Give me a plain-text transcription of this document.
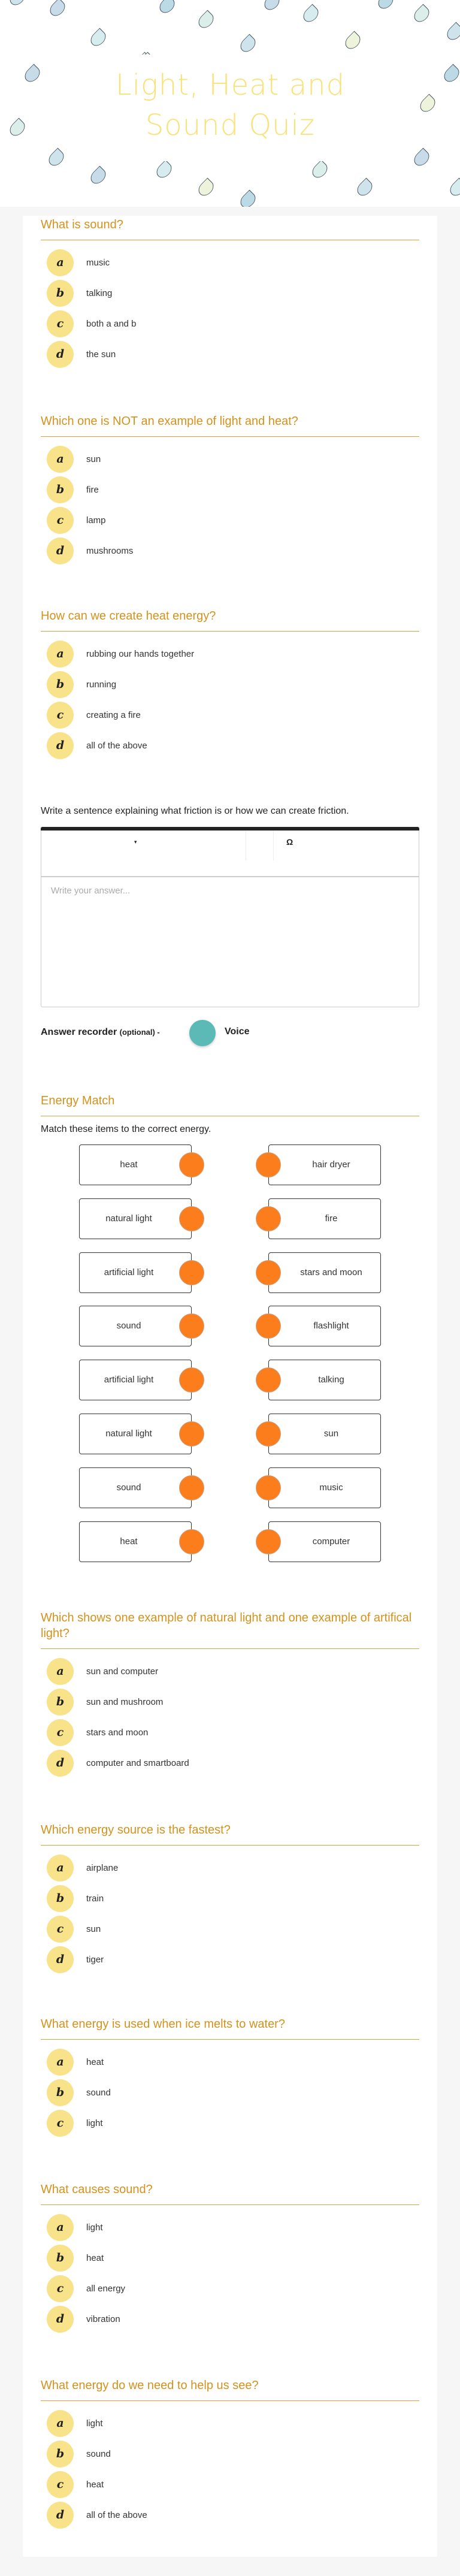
Light, Heat and
Sound Quiz
What is sound?
a	music
b	talking
c	both a and b
d	the sun
Which one is NOT an example of light and heat?
a	sun
b	fire
c	lamp
d	mushrooms
How can we create heat energy?
a	rubbing our hands together
b	running
c	creating a fire
d	all of the above
Which shows one example of natural light and one example of artifical light?
a	sun and computer
b	sun and mushroom
c	stars and moon
d	computer and smartboard
Which energy source is the fastest?
a	airplane
b	train
c	sun
d	tiger
What energy is used when ice melts to water?
a	heat
b	sound
c	light
What causes sound?
a	light
b	heat
c	all energy
d	vibration
What energy do we need to help us see?
a	light
b	sound
c	heat
d	all of the above
Write a sentence explaining what friction is or how we can create friction.
▾	Ω
Write your answer...
Answer recorder (optional) -	Voice
Energy Match
Match these items to the correct energy.
heat	hair dryer
natural light	fire
artificial light	stars and moon
sound	flashlight
artificial light	talking
natural light	sun
sound	music
heat	computer
